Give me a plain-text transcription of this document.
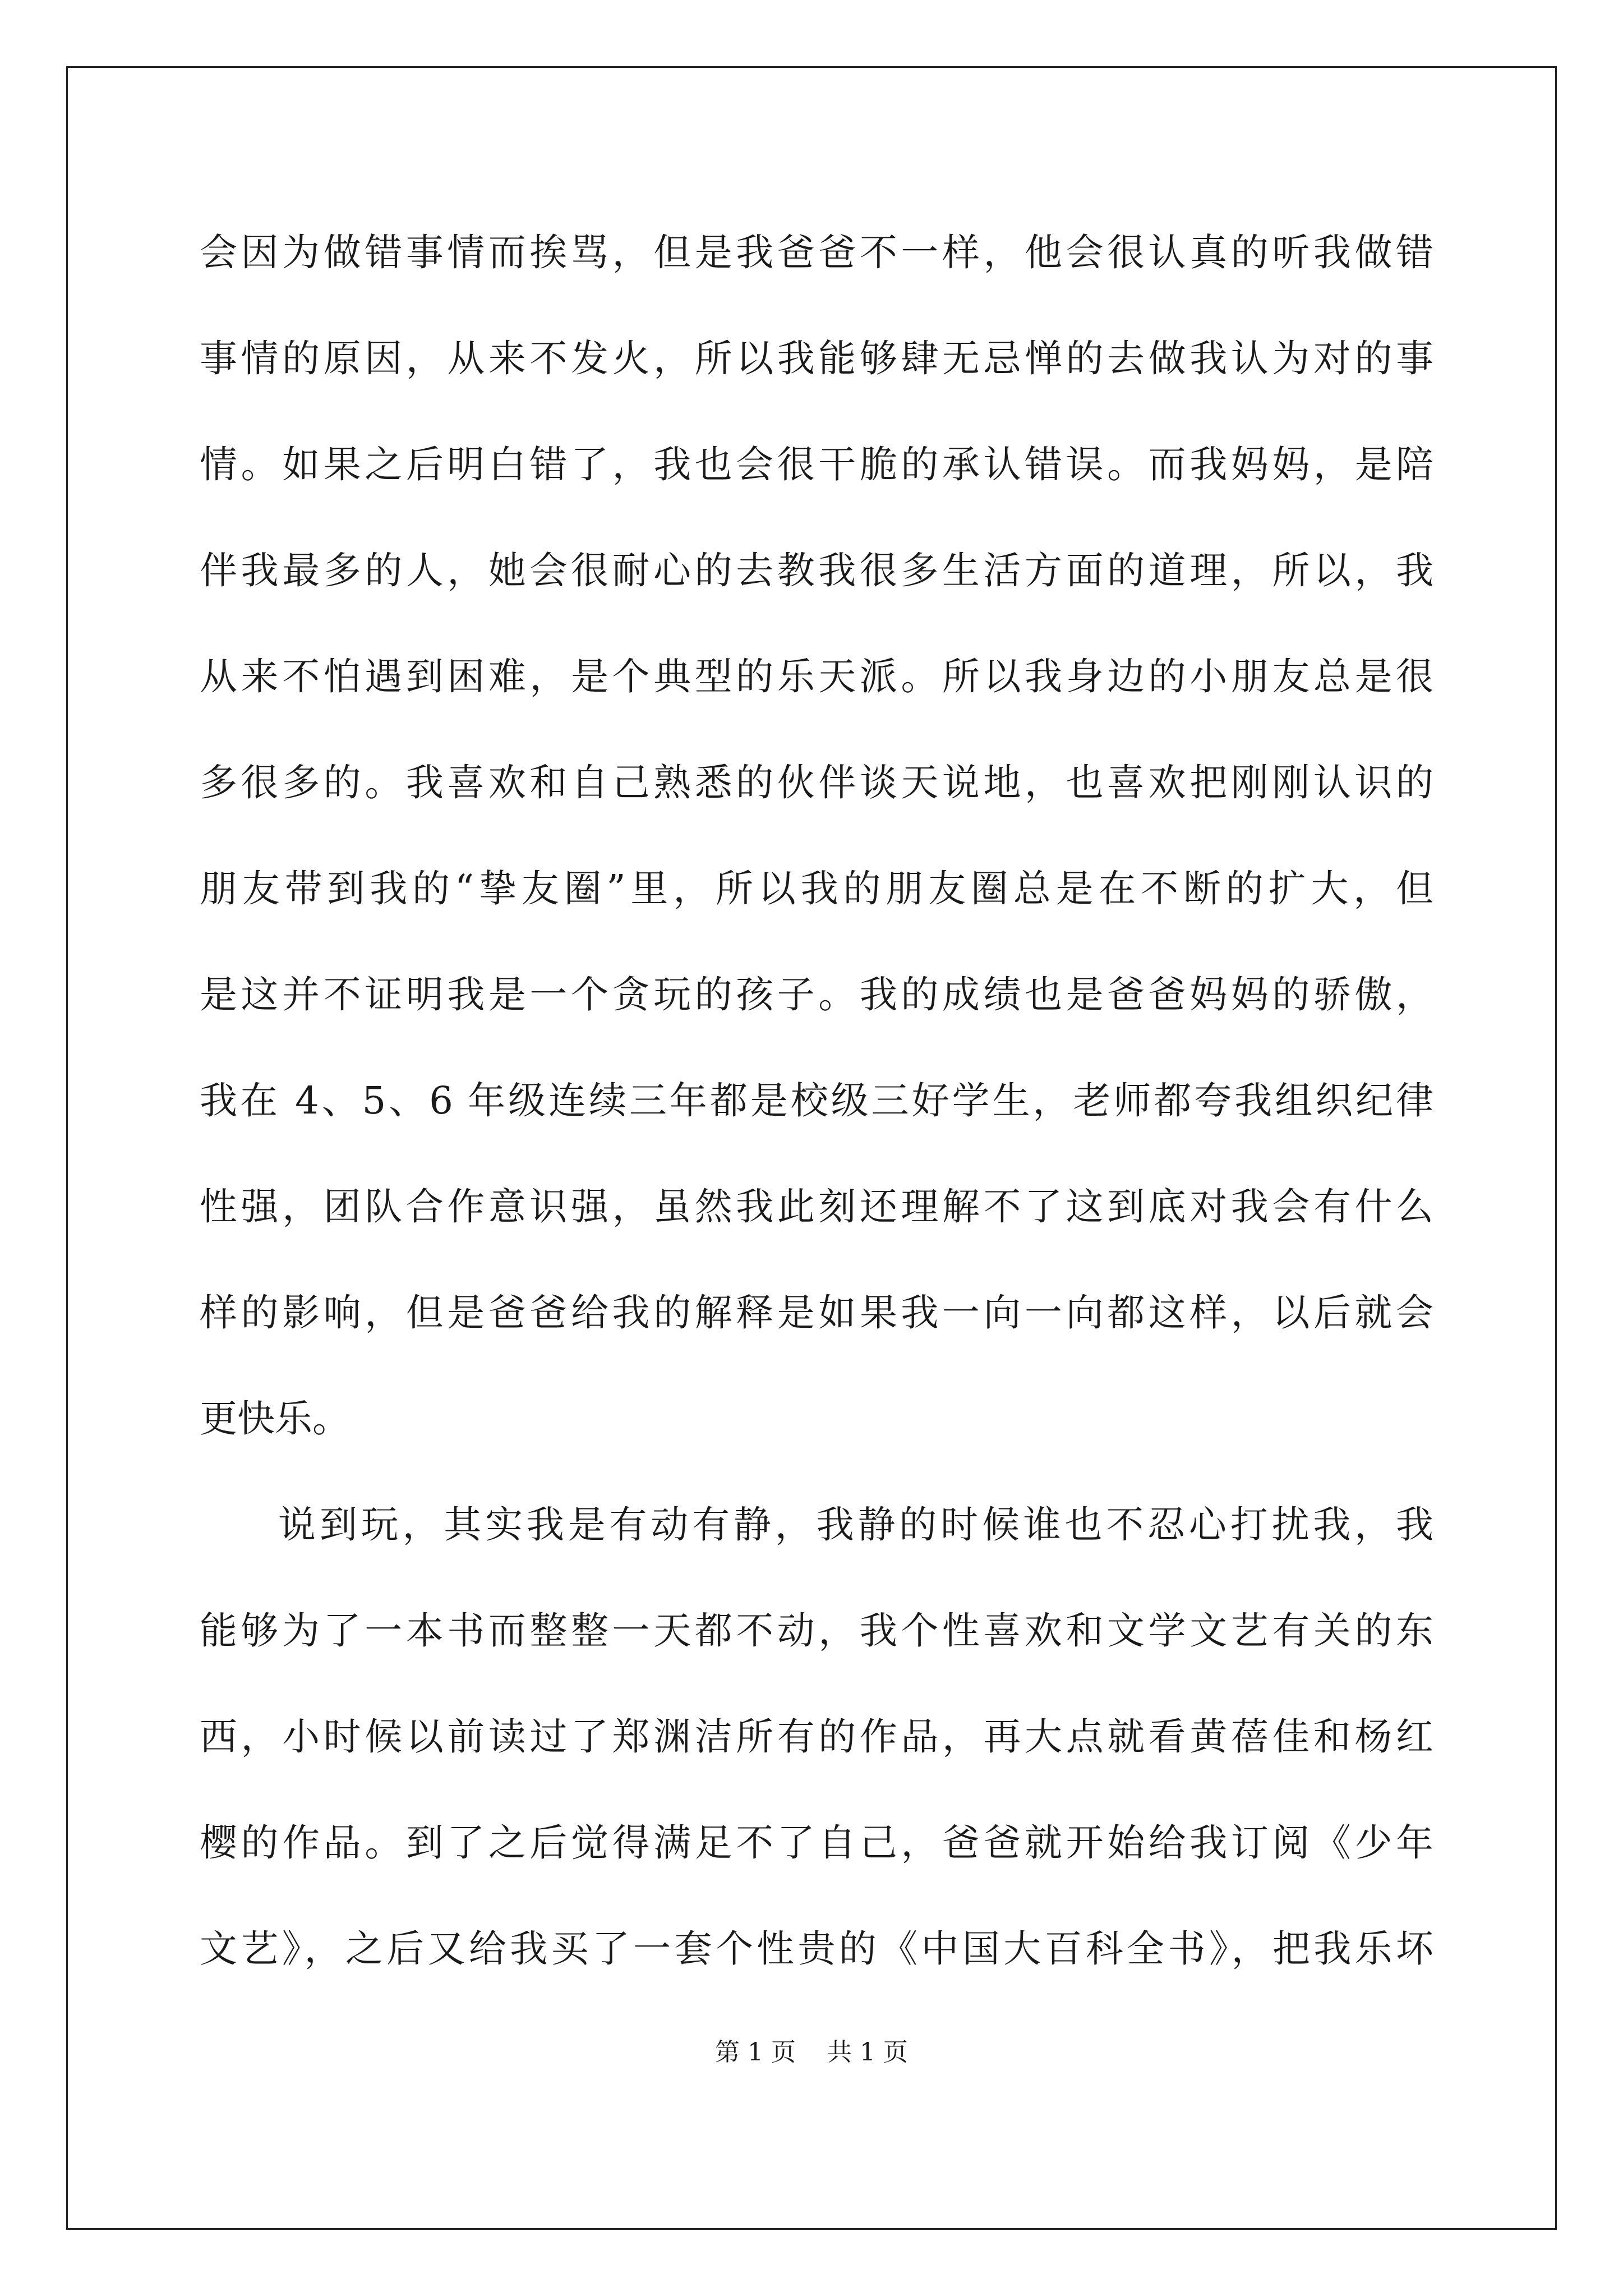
会因为做错事情而挨骂，但是我爸爸不一样，他会很认真的听我做错
事情的原因，从来不发火，所以我能够肆无忌惮的去做我认为对的事
情。如果之后明白错了，我也会很干脆的承认错误。而我妈妈，是陪
伴我最多的人，她会很耐心的去教我很多生活方面的道理，所以，我
从来不怕遇到困难，是个典型的乐天派。所以我身边的小朋友总是很
多很多的。我喜欢和自己熟悉的伙伴谈天说地，也喜欢把刚刚认识的
朋友带到我的“挚友圈”里，所以我的朋友圈总是在不断的扩大，但
是这并不证明我是一个贪玩的孩子。我的成绩也是爸爸妈妈的骄傲，
我在 4、5、6 年级连续三年都是校级三好学生，老师都夸我组织纪律
性强，团队合作意识强，虽然我此刻还理解不了这到底对我会有什么
样的影响，但是爸爸给我的解释是如果我一向一向都这样，以后就会
更快乐。
说到玩，其实我是有动有静，我静的时候谁也不忍心打扰我，我
能够为了一本书而整整一天都不动，我个性喜欢和文学文艺有关的东
西，小时候以前读过了郑渊洁所有的作品，再大点就看黄蓓佳和杨红
樱的作品。到了之后觉得满足不了自己，爸爸就开始给我订阅《少年
文艺》，之后又给我买了一套个性贵的《中国大百科全书》，把我乐坏
第 1 页    共 1 页
